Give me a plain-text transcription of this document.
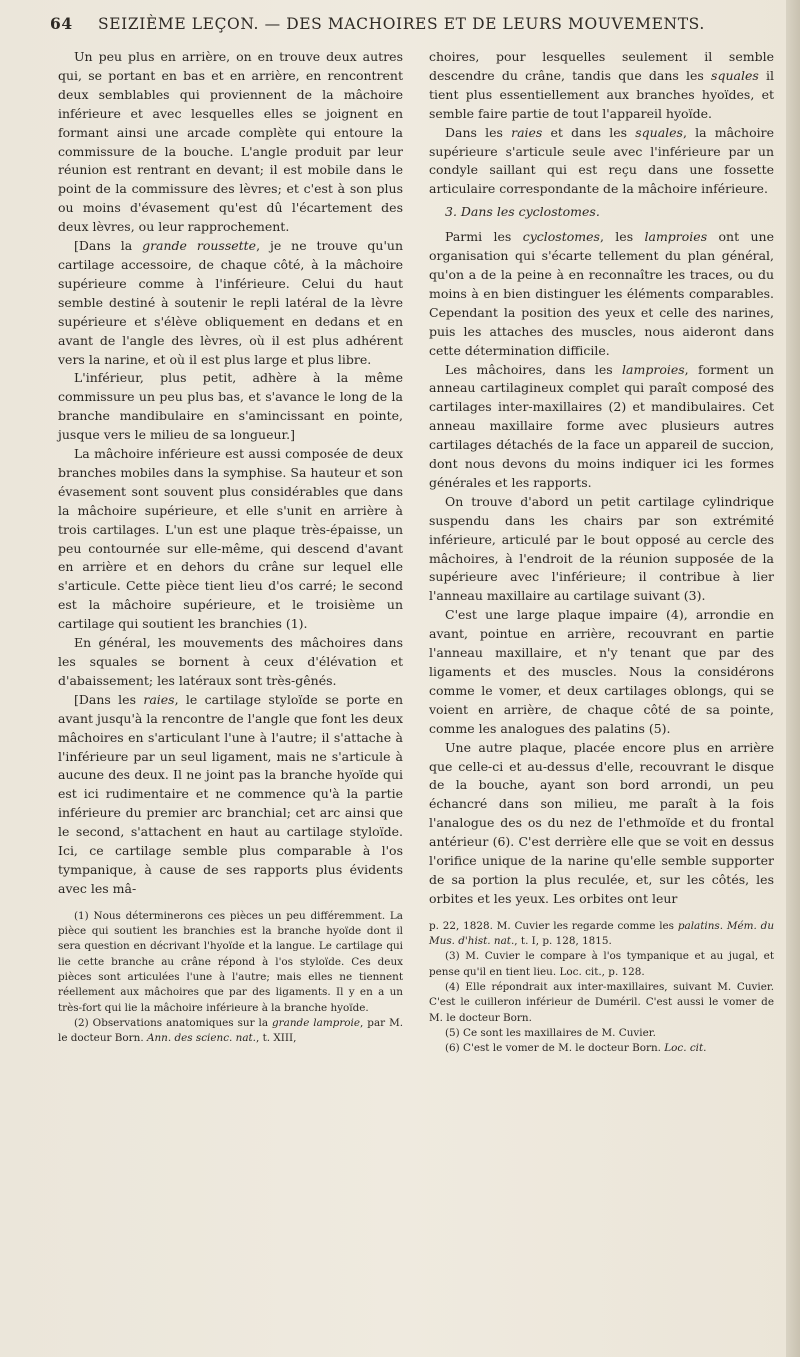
64	SEIZIÈME LEÇON. — DES MACHOIRES ET DE LEURS MOUVEMENTS.

Un peu plus en arrière, on en trouve deux autres qui, se portant en bas et en arrière, en rencontrent deux semblables qui proviennent de la mâchoire inférieure et avec lesquelles elles se joignent en formant ainsi une arcade complète qui entoure la commissure de la bouche. L'angle produit par leur réunion est rentrant en devant; il est mobile dans le point de la commissure des lèvres; et c'est à son plus ou moins d'évasement qu'est dû l'écartement des deux lèvres, ou leur rapprochement.

[Dans la grande roussette, je ne trouve qu'un cartilage accessoire, de chaque côté, à la mâchoire supérieure comme à l'inférieure. Celui du haut semble destiné à soutenir le repli latéral de la lèvre supérieure et s'élève obliquement en dedans et en avant de l'angle des lèvres, où il est plus adhérent vers la narine, et où il est plus large et plus libre.

L'inférieur, plus petit, adhère à la même commissure un peu plus bas, et s'avance le long de la branche mandibulaire en s'amincissant en pointe, jusque vers le milieu de sa longueur.]

La mâchoire inférieure est aussi composée de deux branches mobiles dans la symphise. Sa hauteur et son évasement sont souvent plus considérables que dans la mâchoire supérieure, et elle s'unit en arrière à trois cartilages. L'un est une plaque très-épaisse, un peu contournée sur elle-même, qui descend d'avant en arrière et en dehors du crâne sur lequel elle s'articule. Cette pièce tient lieu d'os carré; le second est la mâchoire supérieure, et le troisième un cartilage qui soutient les branchies (1).

En général, les mouvements des mâchoires dans les squales se bornent à ceux d'élévation et d'abaissement; les latéraux sont très-gênés.

[Dans les raies, le cartilage styloïde se porte en avant jusqu'à la rencontre de l'angle que font les deux mâchoires en s'articulant l'une à l'autre; il s'attache à l'inférieure par un seul ligament, mais ne s'articule à aucune des deux. Il ne joint pas la branche hyoïde qui est ici rudimentaire et ne commence qu'à la partie inférieure du premier arc branchial; cet arc ainsi que le second, s'attachent en haut au cartilage styloïde. Ici, ce cartilage semble plus comparable à l'os tympanique, à cause de ses rapports plus évidents avec les mâ-

(1) Nous déterminerons ces pièces un peu différemment. La pièce qui soutient les branchies est la branche hyoïde dont il sera question en décrivant l'hyoïde et la langue. Le cartilage qui lie cette branche au crâne répond à l'os styloïde. Ces deux pièces sont articulées l'une à l'autre; mais elles ne tiennent réellement aux mâchoires que par des ligaments. Il y en a un très-fort qui lie la mâchoire inférieure à la branche hyoïde.

(2) Observations anatomiques sur la grande lamproie, par M. le docteur Born. Ann. des scienc. nat., t. XIII,

choires, pour lesquelles seulement il semble descendre du crâne, tandis que dans les squales il tient plus essentiellement aux branches hyoïdes, et semble faire partie de tout l'appareil hyoïde.

Dans les raies et dans les squales, la mâchoire supérieure s'articule seule avec l'inférieure par un condyle saillant qui est reçu dans une fossette articulaire correspondante de la mâchoire inférieure.

3. Dans les cyclostomes.

Parmi les cyclostomes, les lamproies ont une organisation qui s'écarte tellement du plan général, qu'on a de la peine à en reconnaître les traces, ou du moins à en bien distinguer les éléments comparables. Cependant la position des yeux et celle des narines, puis les attaches des muscles, nous aideront dans cette détermination difficile.

Les mâchoires, dans les lamproies, forment un anneau cartilagineux complet qui paraît composé des cartilages inter-maxillaires (2) et mandibulaires. Cet anneau maxillaire forme avec plusieurs autres cartilages détachés de la face un appareil de succion, dont nous devons du moins indiquer ici les formes générales et les rapports.

On trouve d'abord un petit cartilage cylindrique suspendu dans les chairs par son extrémité inférieure, articulé par le bout opposé au cercle des mâchoires, à l'endroit de la réunion supposée de la supérieure avec l'inférieure; il contribue à lier l'anneau maxillaire au cartilage suivant (3).

C'est une large plaque impaire (4), arrondie en avant, pointue en arrière, recouvrant en partie l'anneau maxillaire, et n'y tenant que par des ligaments et des muscles. Nous la considérons comme le vomer, et deux cartilages oblongs, qui se voient en arrière, de chaque côté de sa pointe, comme les analogues des palatins (5).

Une autre plaque, placée encore plus en arrière que celle-ci et au-dessus d'elle, recouvrant le disque de la bouche, ayant son bord arrondi, un peu échancré dans son milieu, me paraît à la fois l'analogue des os du nez de l'ethmoïde et du frontal antérieur (6). C'est derrière elle que se voit en dessus l'orifice unique de la narine qu'elle semble supporter de sa portion la plus reculée, et, sur les côtés, les orbites et les yeux. Les orbites ont leur

p. 22, 1828. M. Cuvier les regarde comme les palatins. Mém. du Mus. d'hist. nat., t. I, p. 128, 1815.

(3) M. Cuvier le compare à l'os tympanique et au jugal, et pense qu'il en tient lieu. Loc. cit., p. 128.

(4) Elle répondrait aux inter-maxillaires, suivant M. Cuvier. C'est le cuilleron inférieur de Duméril. C'est aussi le vomer de M. le docteur Born.

(5) Ce sont les maxillaires de M. Cuvier.

(6) C'est le vomer de M. le docteur Born. Loc. cit.
